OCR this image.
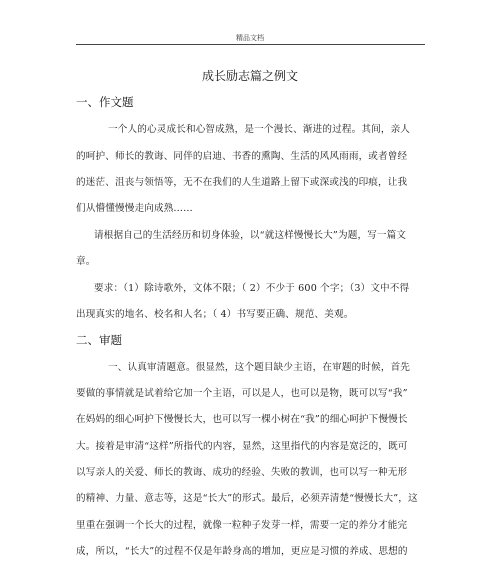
精品文档
成长励志篇之例文
一、作文题
一个人的心灵成长和心智成熟，是一个漫长、渐进的过程。其间，亲人
的呵护、师长的教诲、同伴的启迪、书香的熏陶、生活的风风雨雨，或者曾经
的迷茫、沮丧与领悟等，无不在我们的人生道路上留下或深或浅的印痕，让我
们从懵懂慢慢走向成熟……
请根据自己的生活经历和切身体验，以“就这样慢慢长大”为题，写一篇文
章。
要求：（1）除诗歌外，文体不限；（ 2）不少于 600 个字；（3）文中不得
出现真实的地名、校名和人名；（ 4）书写要正确、规范、美观。
二、审题
一、认真审清题意。很显然，这个题目缺少主语，在审题的时候，首先
要做的事情就是试着给它加一个主语，可以是人，也可以是物，既可以写“我”
在妈妈的细心呵护下慢慢长大，也可以写一棵小树在“我”的细心呵护下慢慢长
大。接着是审清“这样”所指代的内容，显然，这里指代的内容是宽泛的，既可
以写亲人的关爱、师长的教诲、成功的经验、失败的教训，也可以写一种无形
的精神、力量、意志等，这是“长大”的形式。最后，必须弄清楚“慢慢长大”，这
里重在强调一个长大的过程，就像一粒种子发芽一样，需要一定的养分才能完
成，所以，“长大”的过程不仅是年龄身高的增加，更应是习惯的养成、思想的
